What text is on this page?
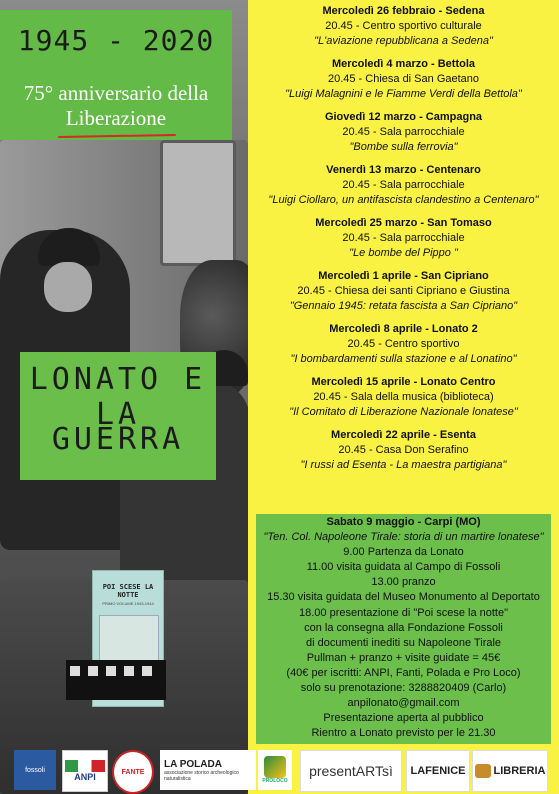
1945 - 2020
75° anniversario della
Liberazione
LONATO E LA
GUERRA
POI SCESE LA NOTTE
PRIMO VOLUME 1943-1944
Mercoledì 26 febbraio - Sedena
20.45 - Centro sportivo culturale
"L'aviazione repubblicana a Sedena"
Mercoledì 4 marzo - Bettola
20.45 - Chiesa di San Gaetano
"Luigi Malagnini e le Fiamme Verdi della Bettola"
Giovedì 12 marzo - Campagna
20.45 - Sala parrocchiale
"Bombe sulla ferrovia"
Venerdì 13 marzo - Centenaro
20.45 - Sala parrocchiale
"Luigi Ciollaro, un antifascista clandestino a Centenaro"
Mercoledì 25 marzo - San Tomaso
20.45 - Sala parrocchiale
"Le bombe del Pippo "
Mercoledì 1 aprile - San Cipriano
20.45 - Chiesa dei santi Cipriano e Giustina
"Gennaio 1945: retata fascista a San Cipriano"
Mercoledì 8 aprile - Lonato 2
20.45 - Centro sportivo
"I bombardamenti sulla stazione e al Lonatino"
Mercoledì 15 aprile - Lonato Centro
20.45 - Sala della musica (biblioteca)
"Il Comitato di Liberazione Nazionale lonatese"
Mercoledì 22 aprile - Esenta
20.45 - Casa Don Serafino
"I russi ad Esenta - La maestra partigiana"
Sabato 9 maggio - Carpi (MO)
"Ten. Col. Napoleone Tirale: storia di un martire lonatese"
9.00 Partenza da Lonato
11.00 visita guidata al Campo di Fossoli
13.00 pranzo
15.30 visita guidata del Museo Monumento al Deportato
18.00 presentazione di "Poi scese la notte"
con la consegna alla Fondazione Fossoli
di documenti inediti su Napoleone Tirale
Pullman + pranzo + visite guidate = 45€
(40€ per iscritti: ANPI, Fanti, Polada e Pro Loco)
solo su prenotazione: 3288820409 (Carlo)
anpilonato@gmail.com
Presentazione aperta al pubblico
Rientro a Lonato previsto per le 21.30
fossoli
ANPI	FANTE
LA POLADA
associazione storico archeologico naturalistica	PROLOCO
presentARTsì	LAFENICE	LIBRERIA
